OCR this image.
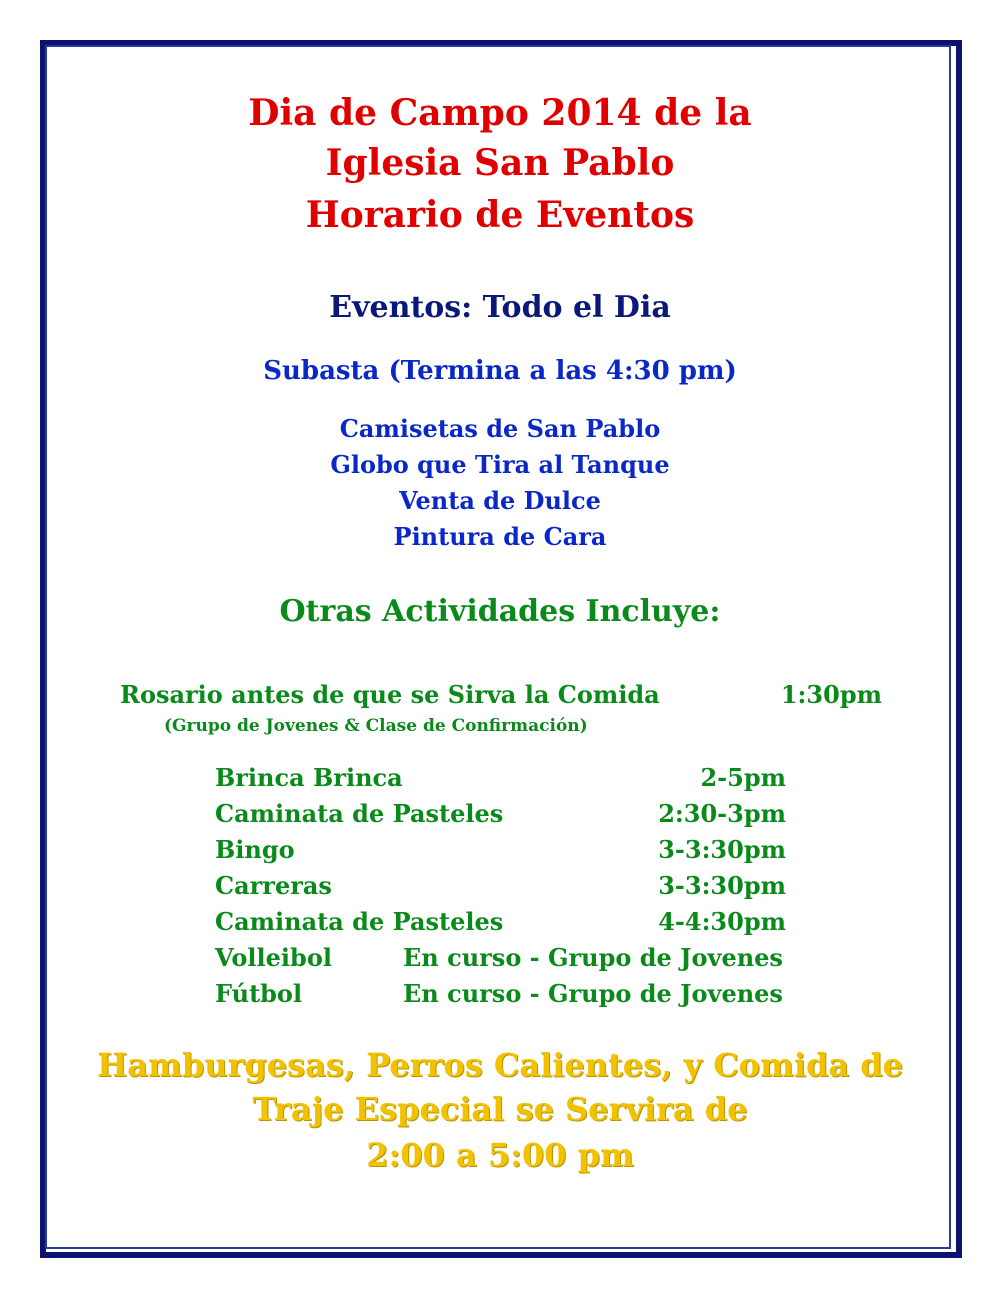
Dia de Campo 2014 de la
Iglesia San Pablo
Horario de Eventos
Eventos: Todo el Dia
Subasta (Termina a las 4:30 pm)
Camisetas de San Pablo
Globo que Tira al Tanque
Venta de Dulce
Pintura de Cara
Otras Actividades Incluye:
Rosario antes de que se Sirva la Comida	1:30pm
(Grupo de Jovenes & Clase de Confirmación)
Brinca Brinca	2-5pm
Caminata de Pasteles	2:30-3pm
Bingo	3-3:30pm
Carreras	3-3:30pm
Caminata de Pasteles	4-4:30pm
Volleibol	En curso - Grupo de Jovenes
Fútbol	En curso - Grupo de Jovenes
Hamburgesas, Perros Calientes, y Comida de
Traje Especial se Servira de
2:00 a 5:00 pm
